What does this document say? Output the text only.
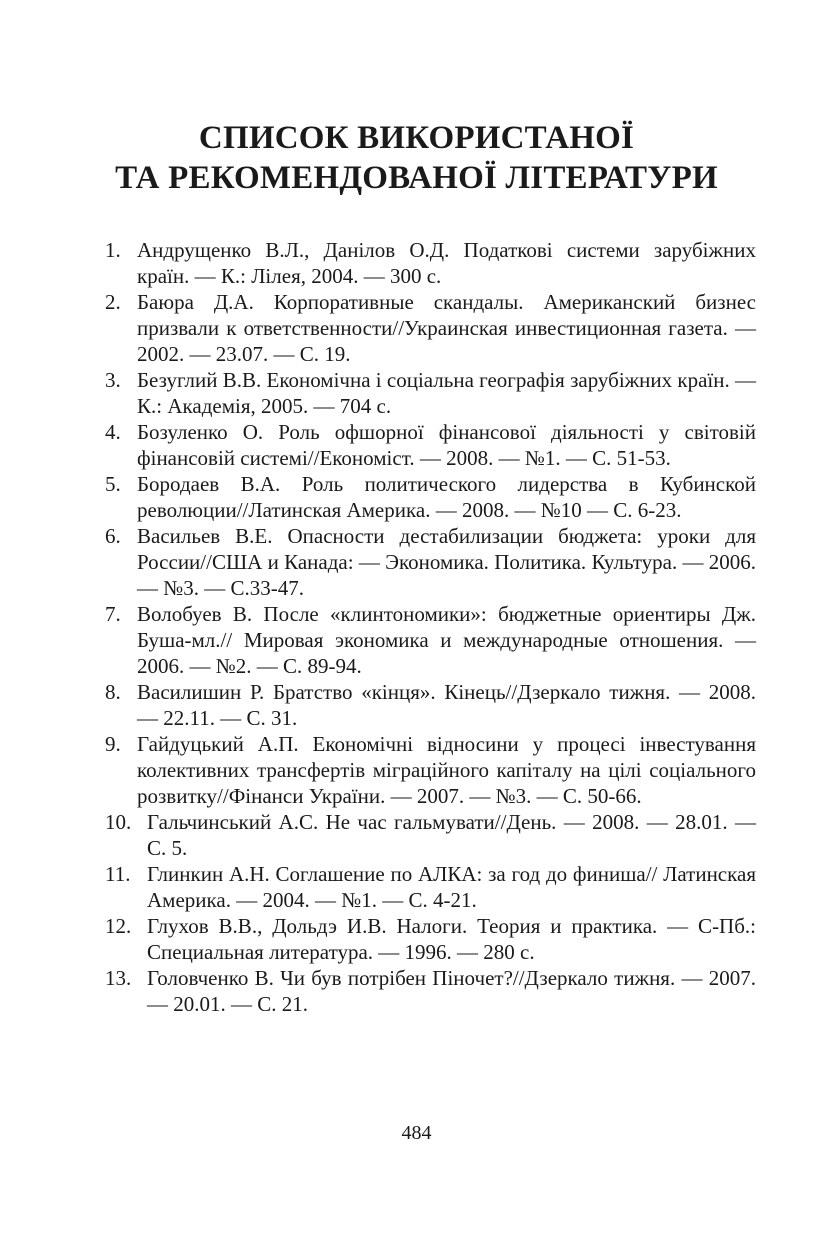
СПИСОК ВИКОРИСТАНОЇ
ТА РЕКОМЕНДОВАНОЇ ЛІТЕРАТУРИ
1. Андрущенко В.Л., Данілов О.Д. Податкові системи зарубіжних країн. — К.: Лілея, 2004. — 300 с.
2. Баюра Д.А. Корпоративные скандалы. Американский бизнес призвали к ответственности//Украинская инвестиционная газета. — 2002. — 23.07. — С. 19.
3. Безуглий В.В. Економічна і соціальна географія зарубіжних країн. — К.: Академія, 2005. — 704 с.
4. Бозуленко О. Роль офшорної фінансової діяльності у світовій фінансовій системі//Економіст. — 2008. — №1. — С. 51-53.
5. Бородаев В.А. Роль политического лидерства в Кубинской революции//Латинская Америка. — 2008. — №10 — С. 6-23.
6. Васильев В.Е. Опасности дестабилизации бюджета: уроки для России//США и Канада: — Экономика. Политика. Культура. — 2006. — №3. — С.33-47.
7. Волобуев В. После «клинтономики»: бюджетные ориентиры Дж. Буша-мл.// Мировая экономика и международные отношения. — 2006. — №2. — С. 89-94.
8. Василишин Р. Братство «кінця». Кінець//Дзеркало тижня. — 2008. — 22.11. — С. 31.
9. Гайдуцький А.П. Економічні відносини у процесі інвестування колективних трансфертів міграційного капіталу на цілі соціального розвитку//Фінанси України. — 2007. — №3. — С. 50-66.
10. Гальчинський А.С. Не час гальмувати//День. — 2008. — 28.01. — С. 5.
11. Глинкин А.Н. Соглашение по АЛКА: за год до финиша// Латинская Америка. — 2004. — №1. — С. 4-21.
12. Глухов В.В., Дольдэ И.В. Налоги. Теория и практика. — С-Пб.: Специальная литература. — 1996. — 280 с.
13. Головченко В. Чи був потрібен Піночет?//Дзеркало тижня. — 2007. — 20.01. — С. 21.
484
